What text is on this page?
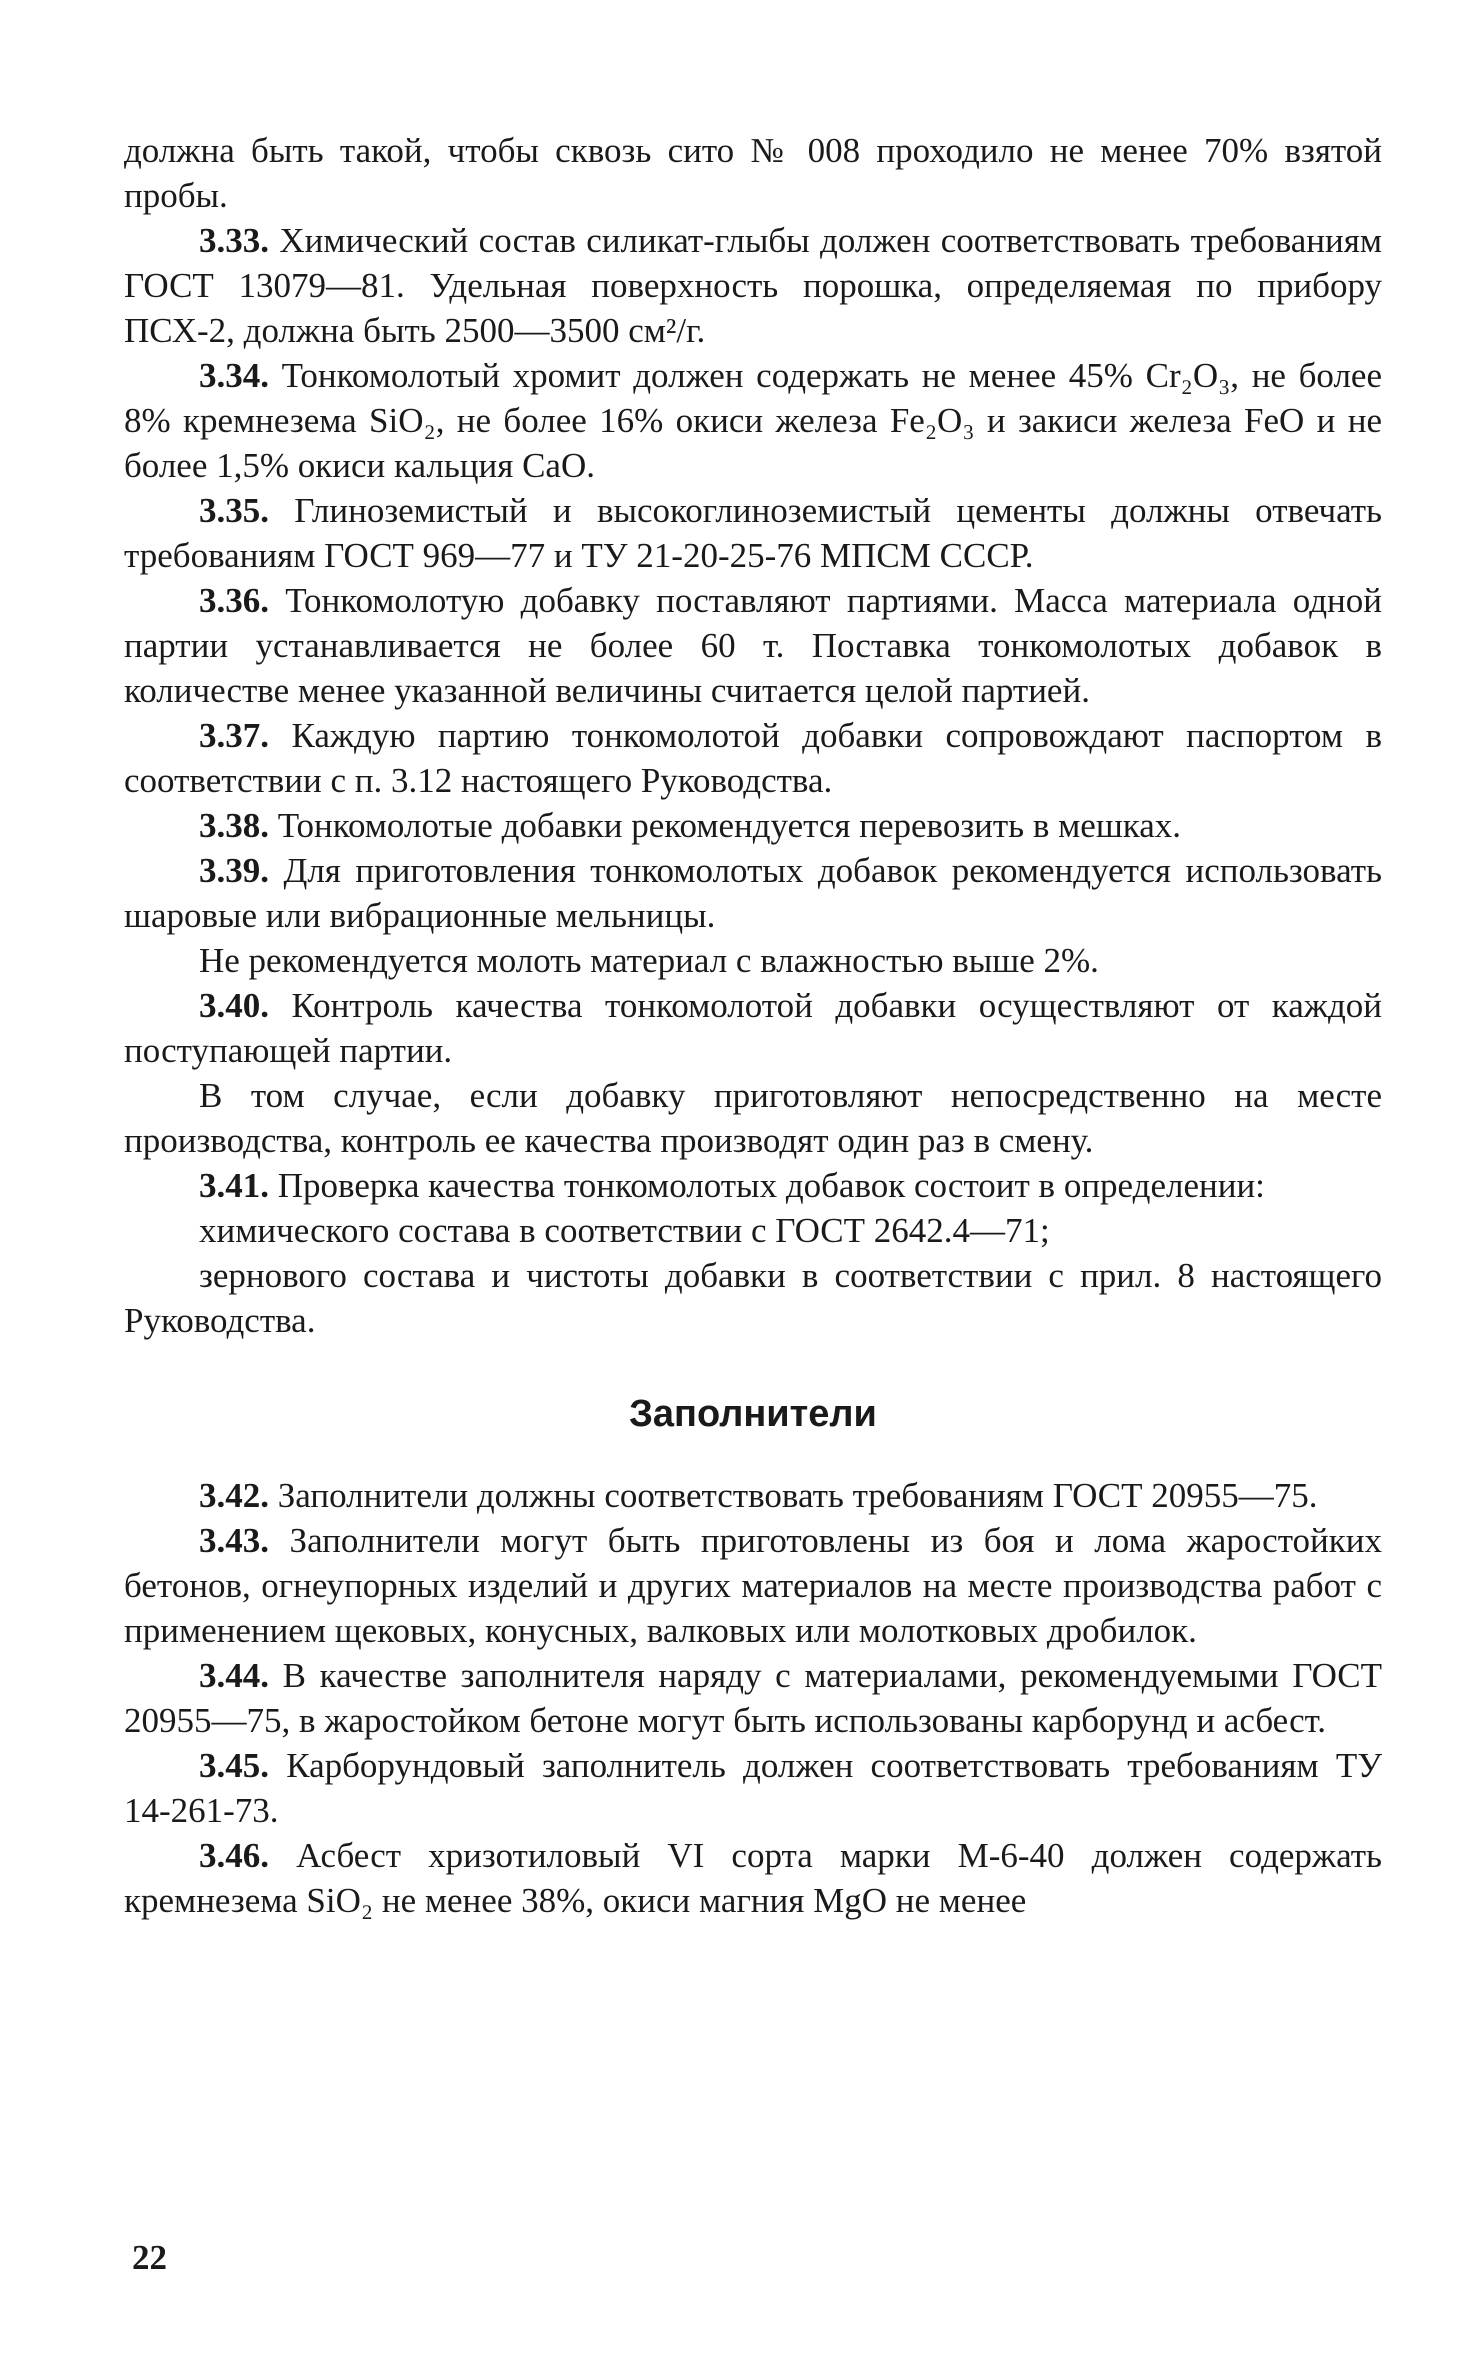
должна быть такой, чтобы сквозь сито № 008 проходило не менее 70% взятой пробы.
3.33. Химический состав силикат-глыбы должен соответствовать требованиям ГОСТ 13079—81. Удельная поверхность порошка, определяемая по прибору ПСХ-2, должна быть 2500—3500 см²/г.
3.34. Тонкомолотый хромит должен содержать не менее 45% Cr₂O₃, не более 8% кремнезема SiO₂, не более 16% окиси железа Fe₂O₃ и закиси железа FeO и не более 1,5% окиси кальция CaO.
3.35. Глиноземистый и высокоглиноземистый цементы должны отвечать требованиям ГОСТ 969—77 и ТУ 21-20-25-76 МПСМ СССР.
3.36. Тонкомолотую добавку поставляют партиями. Масса материала одной партии устанавливается не более 60 т. Поставка тонкомолотых добавок в количестве менее указанной величины считается целой партией.
3.37. Каждую партию тонкомолотой добавки сопровождают паспортом в соответствии с п. 3.12 настоящего Руководства.
3.38. Тонкомолотые добавки рекомендуется перевозить в мешках.
3.39. Для приготовления тонкомолотых добавок рекомендуется использовать шаровые или вибрационные мельницы.
Не рекомендуется молоть материал с влажностью выше 2%.
3.40. Контроль качества тонкомолотой добавки осуществляют от каждой поступающей партии.
В том случае, если добавку приготовляют непосредственно на месте производства, контроль ее качества производят один раз в смену.
3.41. Проверка качества тонкомолотых добавок состоит в определении:
химического состава в соответствии с ГОСТ 2642.4—71;
зернового состава и чистоты добавки в соответствии с прил. 8 настоящего Руководства.
Заполнители
3.42. Заполнители должны соответствовать требованиям ГОСТ 20955—75.
3.43. Заполнители могут быть приготовлены из боя и лома жаростойких бетонов, огнеупорных изделий и других материалов на месте производства работ с применением щековых, конусных, валковых или молотковых дробилок.
3.44. В качестве заполнителя наряду с материалами, рекомендуемыми ГОСТ 20955—75, в жаростойком бетоне могут быть использованы карборунд и асбест.
3.45. Карборундовый заполнитель должен соответствовать требованиям ТУ 14-261-73.
3.46. Асбест хризотиловый VI сорта марки М-6-40 должен содержать кремнезема SiO₂ не менее 38%, окиси магния MgO не менее
22
